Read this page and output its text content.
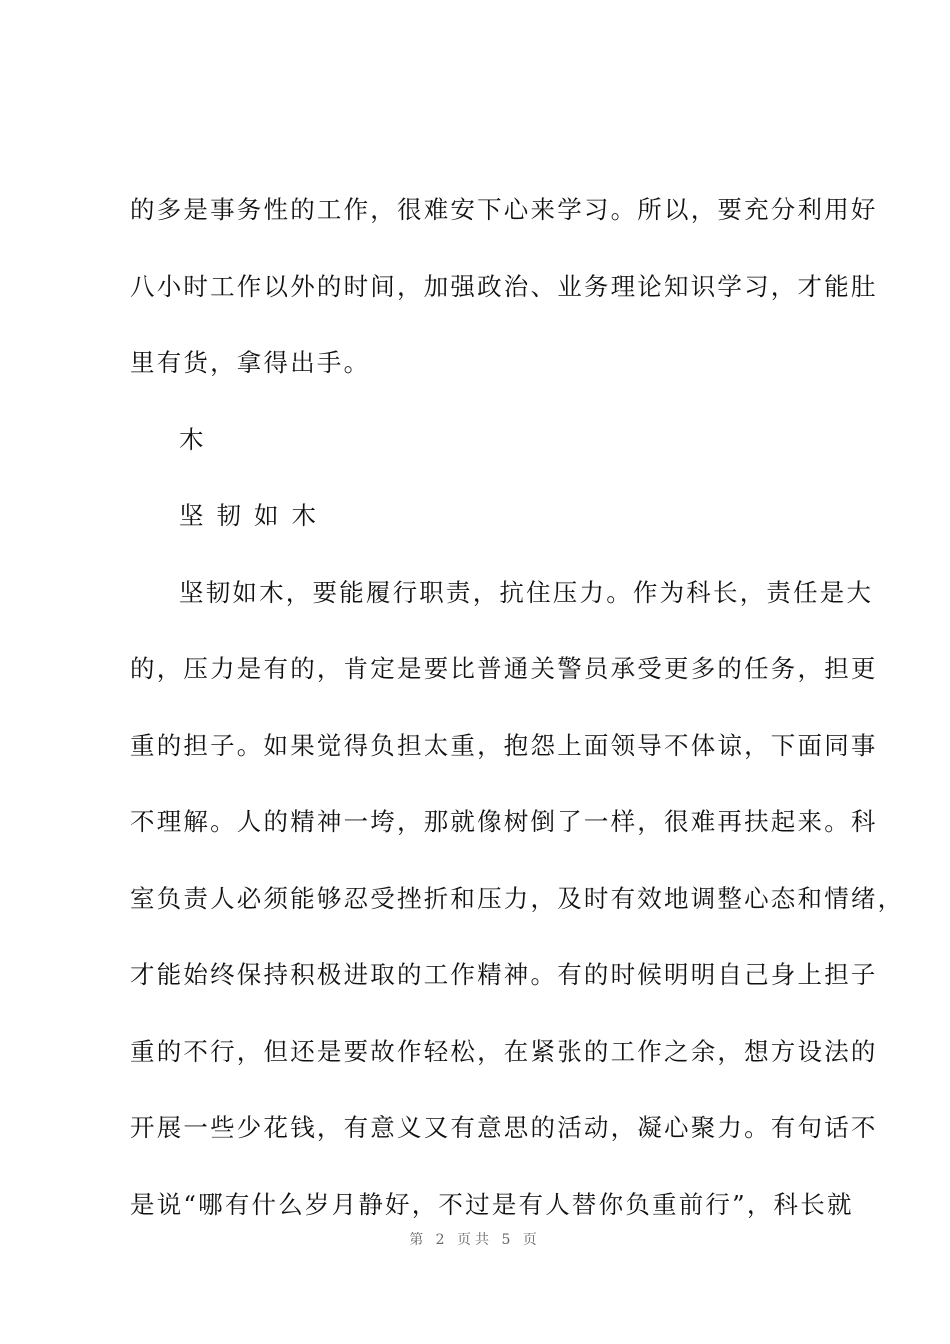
的多是事务性的工作，很难安下心来学习。所以，要充分利用好

八小时工作以外的时间，加强政治、业务理论知识学习，才能肚

里有货，拿得出手。

木

坚韧如木

坚韧如木，要能履行职责，抗住压力。作为科长，责任是大

的，压力是有的，肯定是要比普通关警员承受更多的任务，担更

重的担子。如果觉得负担太重，抱怨上面领导不体谅，下面同事

不理解。人的精神一垮，那就像树倒了一样，很难再扶起来。科

室负责人必须能够忍受挫折和压力，及时有效地调整心态和情绪，

才能始终保持积极进取的工作精神。有的时候明明自己身上担子

重的不行，但还是要故作轻松，在紧张的工作之余，想方设法的

开展一些少花钱，有意义又有意思的活动，凝心聚力。有句话不

是说“哪有什么岁月静好，不过是有人替你负重前行”，科长就

第 2 页共 5 页
